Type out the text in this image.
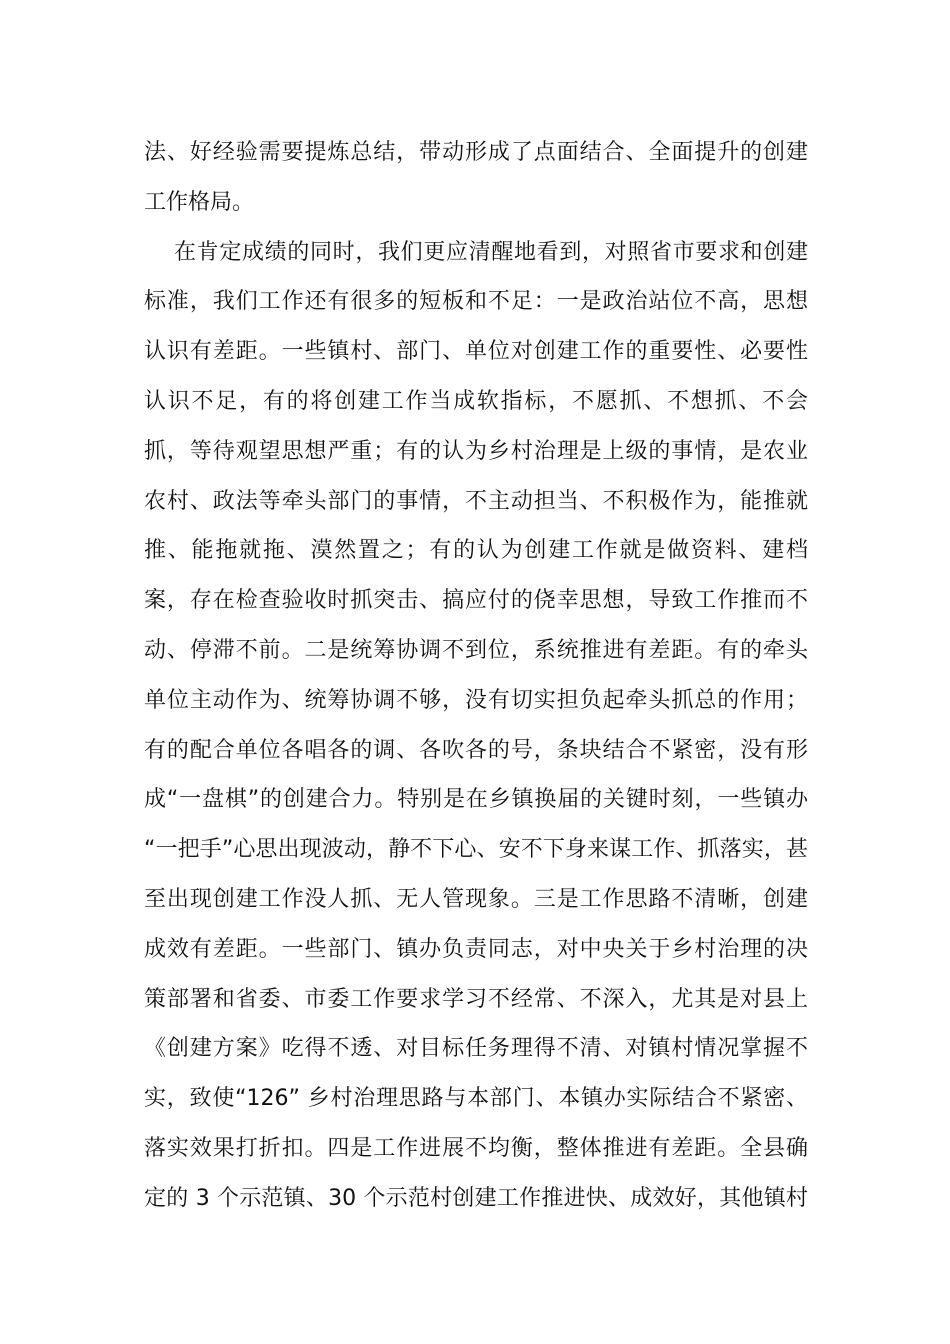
法、好经验需要提炼总结，带动形成了点面结合、全面提升的创建
工作格局。
在肯定成绩的同时，我们更应清醒地看到，对照省市要求和创建
标准，我们工作还有很多的短板和不足：一是政治站位不高，思想
认识有差距。一些镇村、部门、单位对创建工作的重要性、必要性
认识不足，有的将创建工作当成软指标，不愿抓、不想抓、不会
抓，等待观望思想严重；有的认为乡村治理是上级的事情，是农业
农村、政法等牵头部门的事情，不主动担当、不积极作为，能推就
推、能拖就拖、漠然置之；有的认为创建工作就是做资料、建档
案，存在检查验收时抓突击、搞应付的侥幸思想，导致工作推而不
动、停滞不前。二是统筹协调不到位，系统推进有差距。有的牵头
单位主动作为、统筹协调不够，没有切实担负起牵头抓总的作用；
有的配合单位各唱各的调、各吹各的号，条块结合不紧密，没有形
成“一盘棋”的创建合力。特别是在乡镇换届的关键时刻，一些镇办
“一把手”心思出现波动，静不下心、安不下身来谋工作、抓落实，甚
至出现创建工作没人抓、无人管现象。三是工作思路不清晰，创建
成效有差距。一些部门、镇办负责同志，对中央关于乡村治理的决
策部署和省委、市委工作要求学习不经常、不深入，尤其是对县上
《创建方案》吃得不透、对目标任务理得不清、对镇村情况掌握不
实，致使“126” 乡村治理思路与本部门、本镇办实际结合不紧密、
落实效果打折扣。四是工作进展不均衡，整体推进有差距。全县确
定的 3 个示范镇、30 个示范村创建工作推进快、成效好，其他镇村
